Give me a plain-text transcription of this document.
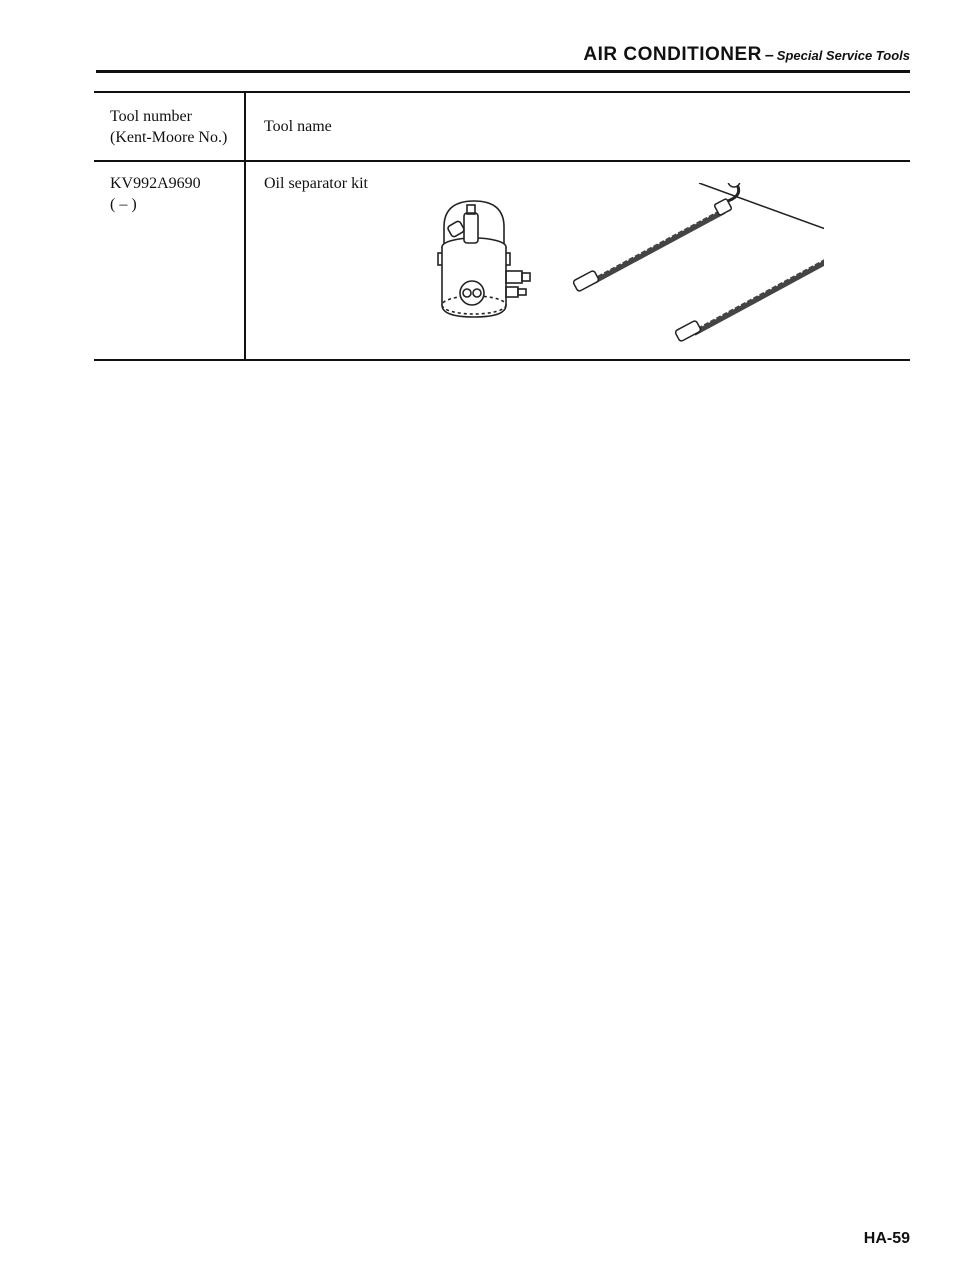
AIR CONDITIONER – Special Service Tools
Tool number
(Kent-Moore No.)
Tool name
KV992A9690
( – )
Oil separator kit
HA-59
